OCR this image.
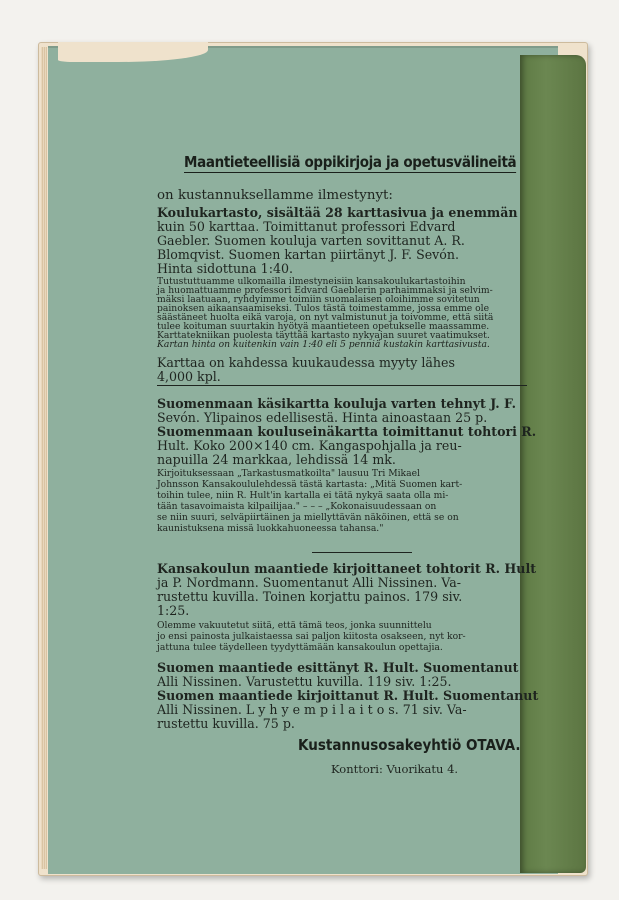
Maantieteellisiä oppikirjoja ja opetusvälineitä
on kustannuksellamme ilmestynyt:
Koulukartasto, sisältää 28 karttasivua ja enemmän
kuin 50 karttaa. Toimittanut professori Edvard
Gaebler. Suomen kouluja varten sovittanut A. R.
Blomqvist. Suomen kartan piirtänyt J. F. Sevón.
Hinta sidottuna 1:40.
Tutustuttuamme ulkomailla ilmestyneisiin kansakoulukartastoihin
ja huomattuamme professori Edvard Gaeblerin parhaimmaksi ja selvim-
mäksi laatuaan, ryhdyimme toimiin suomalaisen oloihimme sovitetun
painoksen aikaansaamiseksi. Tulos tästä toimestamme, jossa emme ole
säästäneet huolta eikä varoja, on nyt valmistunut ja toivomme, että siitä
tulee koituman suurtakin hyötyä maantieteen opetukselle maassamme.
Karttatekniikan puolesta täyttää kartasto nykyajan suuret vaatimukset.
Kartan hinta on kuitenkin vain 1:40 eli 5 penniä kustakin karttasivusta.
Karttaa on kahdessa kuukaudessa myyty lähes
4,000 kpl.
Suomenmaan käsikartta kouluja varten tehnyt J. F.
Sevón. Ylipainos edellisestä. Hinta ainoastaan 25 p.
Suomenmaan kouluseinäkartta toimittanut tohtori R.
Hult. Koko 200×140 cm. Kangaspohjalla ja reu-
napuilla 24 markkaa, lehdissä 14 mk.
Kirjoituksessaan „Tarkastusmatkoilta" lausuu Tri Mikael
Johnsson Kansakoululehdessä tästä kartasta: „Mitä Suomen kart-
toihin tulee, niin R. Hult'in kartalla ei tätä nykyä saata olla mi-
tään tasavoimaista kilpailijaa." – – – „Kokonaisuudessaan on
se niin suuri, selväpiirtäinen ja miellyttävän näköinen, että se on
kaunistuksena missä luokkahuoneessa tahansa."
Kansakoulun maantiede kirjoittaneet tohtorit R. Hult
ja P. Nordmann. Suomentanut Alli Nissinen. Va-
rustettu kuvilla. Toinen korjattu painos. 179 siv.
1:25.
Olemme vakuutetut siitä, että tämä teos, jonka suunnittelu
jo ensi painosta julkaistaessa sai paljon kiitosta osakseen, nyt kor-
jattuna tulee täydelleen tyydyttämään kansakoulun opettajia.
Suomen maantiede esittänyt R. Hult. Suomentanut
Alli Nissinen. Varustettu kuvilla. 119 siv. 1:25.
Suomen maantiede kirjoittanut R. Hult. Suomentanut
Alli Nissinen. L y h y e m p i l a i t o s. 71 siv. Va-
rustettu kuvilla. 75 p.
Kustannusosakeyhtiö OTAVA.
Konttori: Vuorikatu 4.
